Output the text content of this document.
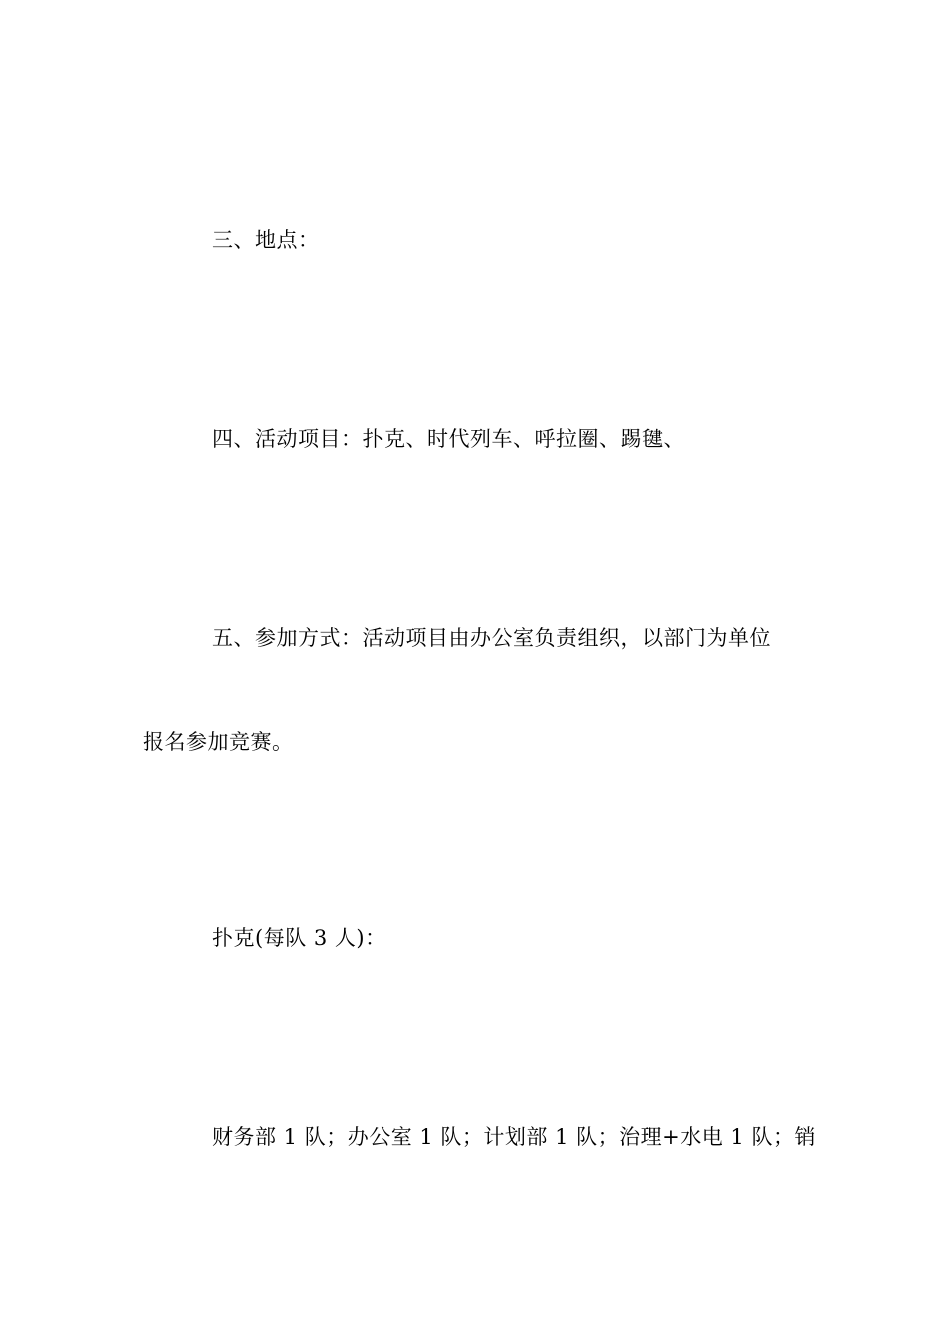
三、地点：
四、活动项目：扑克、时代列车、呼拉圈、踢毽、
五、参加方式：活动项目由办公室负责组织，以部门为单位
报名参加竞赛。
扑克(每队 3 人)：
财务部 1 队；办公室 1 队；计划部 1 队；治理+水电 1 队；销
